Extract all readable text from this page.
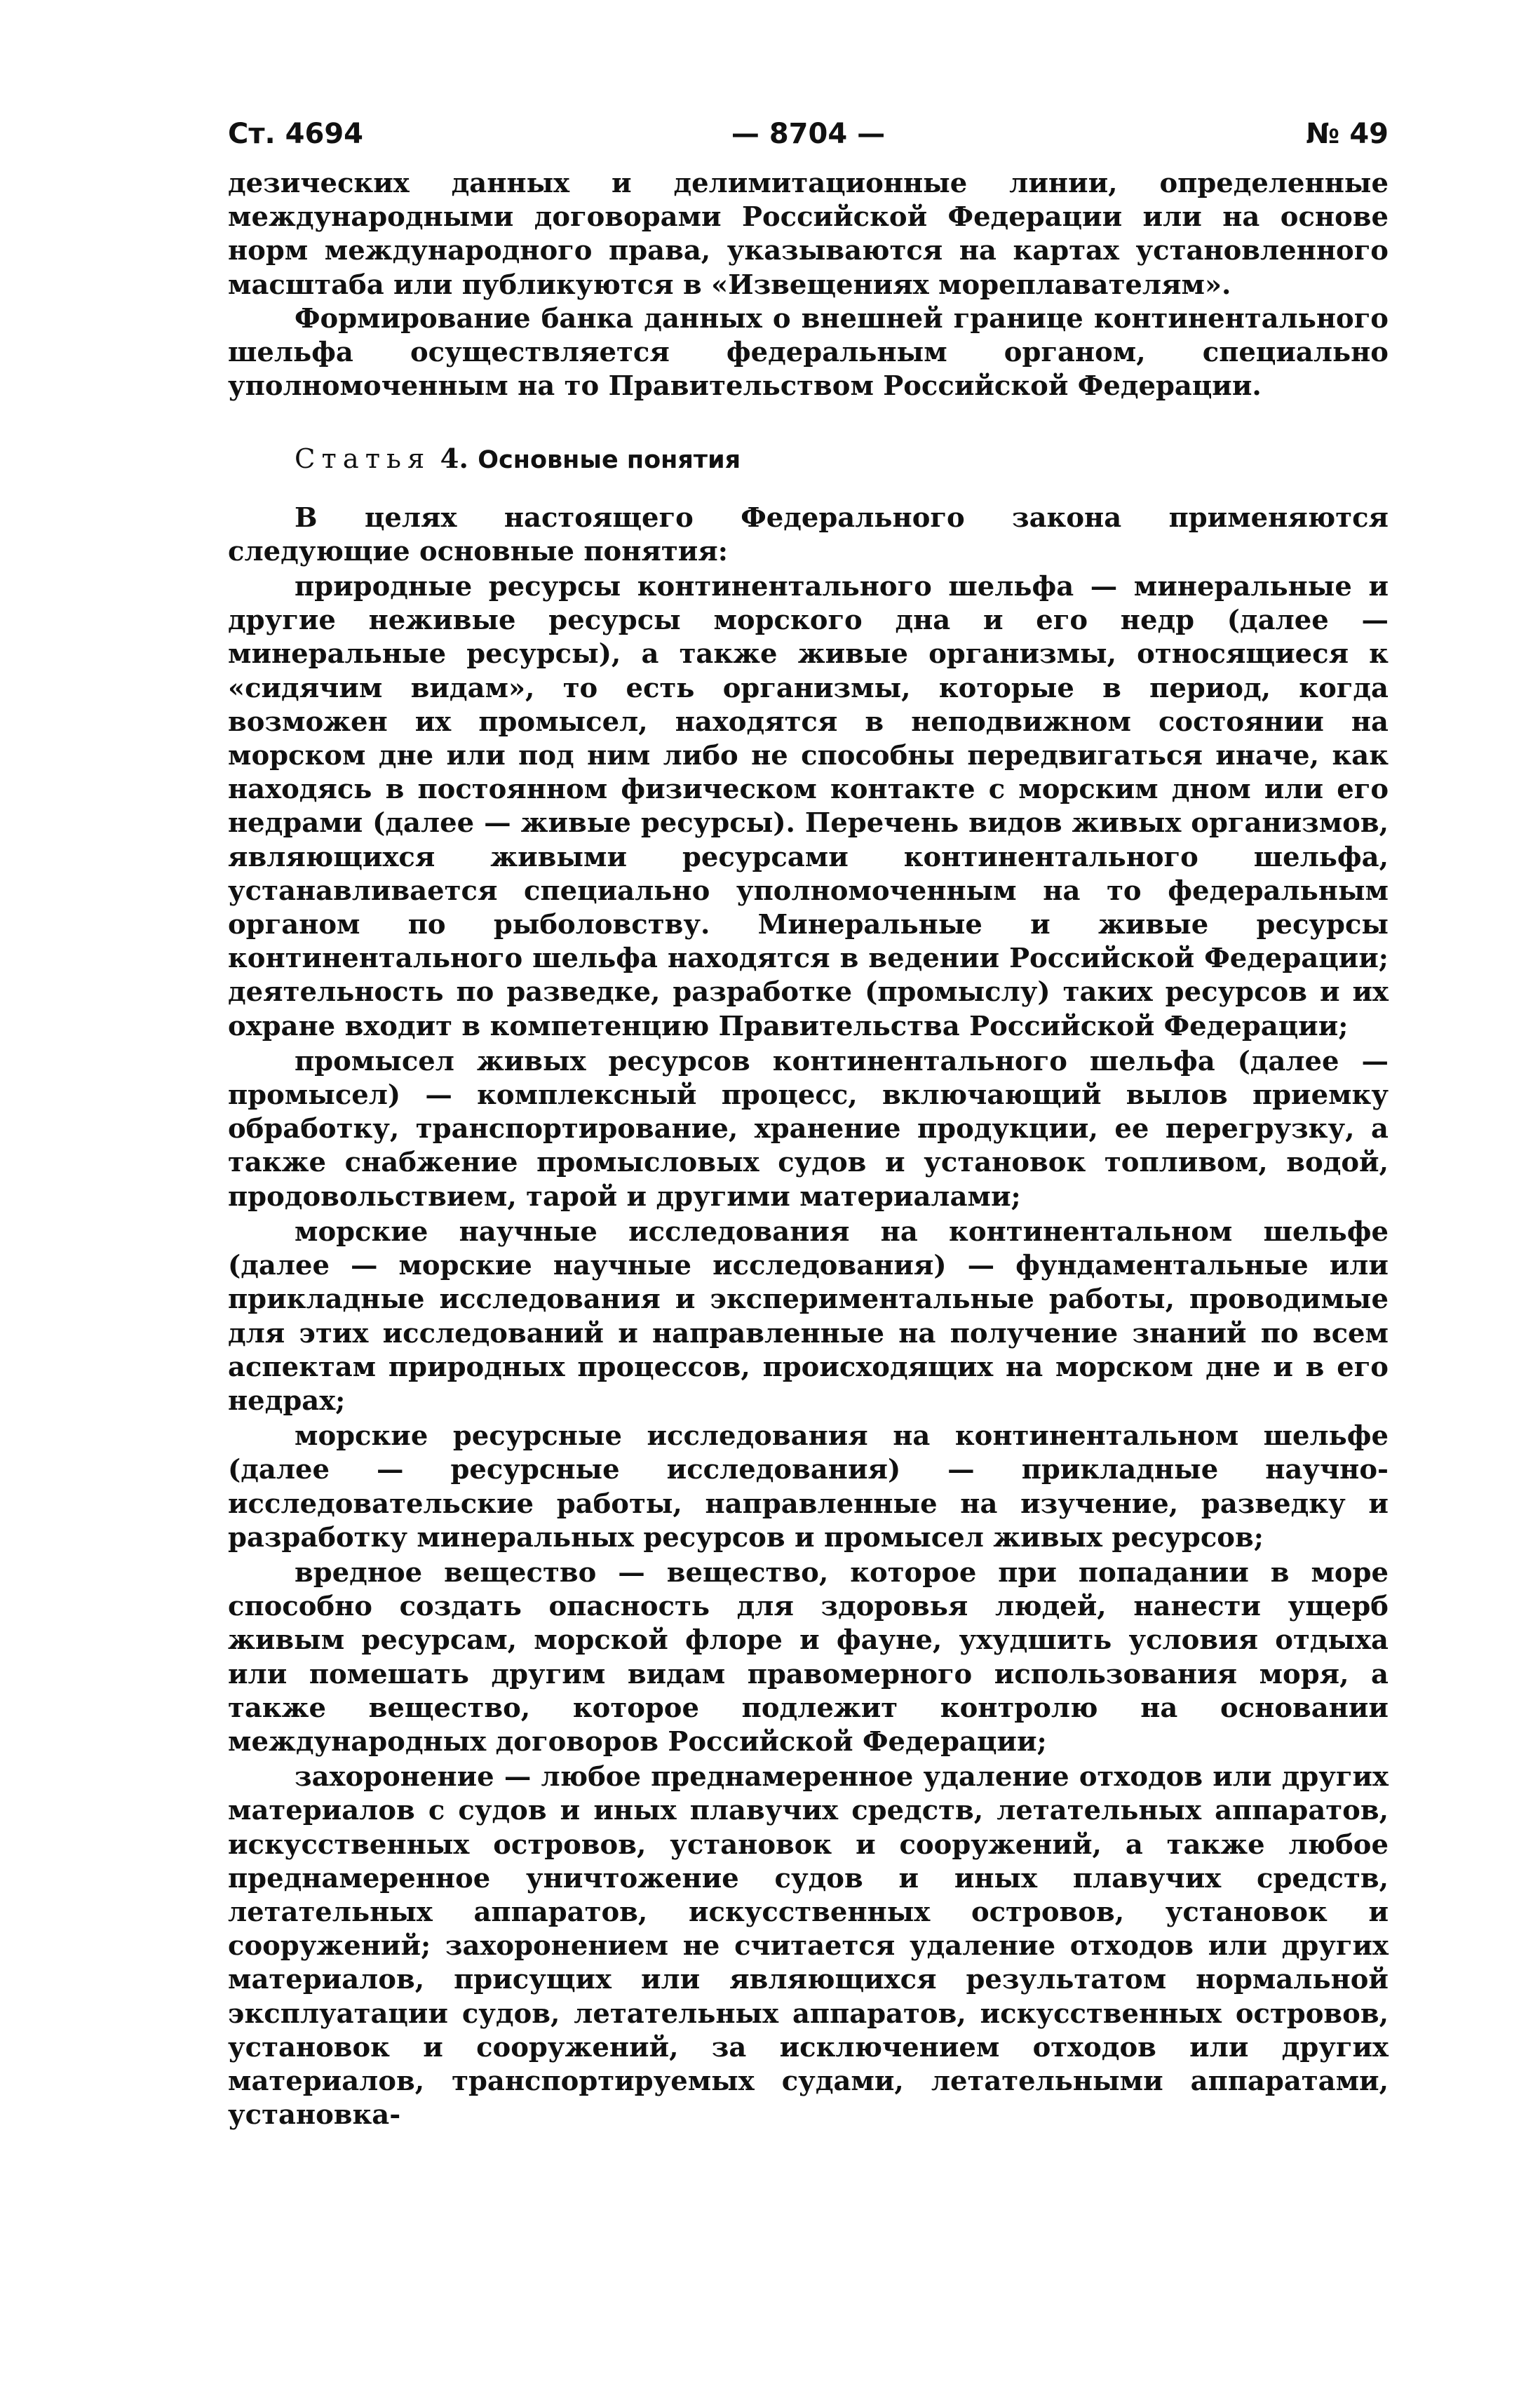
Ст. 4694	— 8704 —	№ 49

дезических данных и делимитационные линии, определенные международными договорами Российской Федерации или на основе норм международного права, указываются на картах установленного масштаба или публикуются в «Извещениях мореплавателям».

Формирование банка данных о внешней границе континентального шельфа осуществляется федеральным органом, специально уполномоченным на то Правительством Российской Федерации.

Статья 4. Основные понятия

В целях настоящего Федерального закона применяются следующие основные понятия:

природные ресурсы континентального шельфа — минеральные и другие неживые ресурсы морского дна и его недр (далее — минеральные ресурсы), а также живые организмы, относящиеся к «сидячим видам», то есть организмы, которые в период, когда возможен их промысел, находятся в неподвижном состоянии на морском дне или под ним либо не способны передвигаться иначе, как находясь в постоянном физическом контакте с морским дном или его недрами (далее — живые ресурсы). Перечень видов живых организмов, являющихся живыми ресурсами континентального шельфа, устанавливается специально уполномоченным на то федеральным органом по рыболовству. Минеральные и живые ресурсы континентального шельфа находятся в ведении Российской Федерации; деятельность по разведке, разработке (промыслу) таких ресурсов и их охране входит в компетенцию Правительства Российской Федерации;

промысел живых ресурсов континентального шельфа (далее — промысел) — комплексный процесс, включающий вылов приемку обработку, транспортирование, хранение продукции, ее перегрузку, а также снабжение промысловых судов и установок топливом, водой, продовольствием, тарой и другими материалами;

морские научные исследования на континентальном шельфе (далее — морские научные исследования) — фундаментальные или прикладные исследования и экспериментальные работы, проводимые для этих исследований и направленные на получение знаний по всем аспектам природных процессов, происходящих на морском дне и в его недрах;

морские ресурсные исследования на континентальном шельфе (далее — ресурсные исследования) — прикладные научно-исследовательские работы, направленные на изучение, разведку и разработку минеральных ресурсов и промысел живых ресурсов;

вредное вещество — вещество, которое при попадании в море способно создать опасность для здоровья людей, нанести ущерб живым ресурсам, морской флоре и фауне, ухудшить условия отдыха или помешать другим видам правомерного использования моря, а также вещество, которое подлежит контролю на основании международных договоров Российской Федерации;

захоронение — любое преднамеренное удаление отходов или других материалов с судов и иных плавучих средств, летательных аппаратов, искусственных островов, установок и сооружений, а также любое преднамеренное уничтожение судов и иных плавучих средств, летательных аппаратов, искусственных островов, установок и сооружений; захоронением не считается удаление отходов или других материалов, присущих или являющихся результатом нормальной эксплуатации судов, летательных аппаратов, искусственных островов, установок и сооружений, за исключением отходов или других материалов, транспортируемых судами, летательными аппаратами, установка-
